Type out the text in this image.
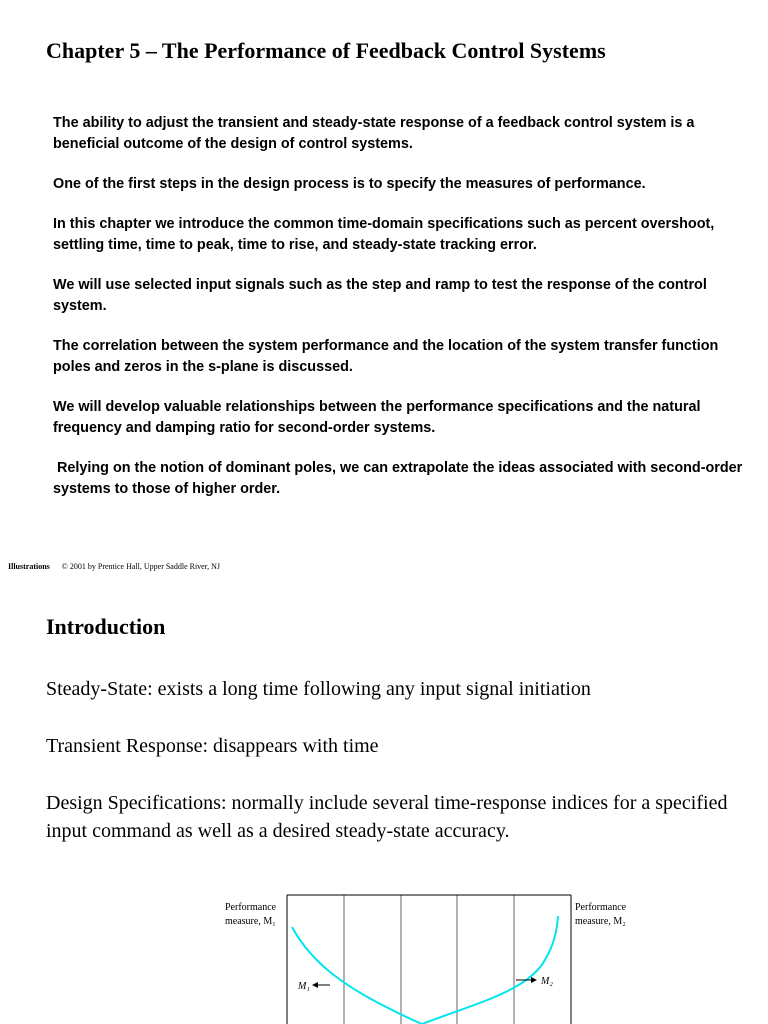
Chapter 5 – The Performance of Feedback Control Systems

The ability to adjust the transient and steady-state response of a feedback control system is a beneficial outcome of the design of control systems.

One of the first steps in the design process is to specify the measures of performance.

In this chapter we introduce the common time-domain specifications such as percent overshoot, settling time, time to peak, time to rise, and steady-state tracking error.

We will use selected input signals such as the step and ramp to test the response of the control system.

The correlation between the system performance and the location of the system transfer function poles and zeros in the s-plane is discussed.

We will develop valuable relationships between the performance specifications and the natural frequency and damping ratio for second-order systems.

Relying on the notion of dominant poles, we can extrapolate the ideas associated with second-order systems to those of higher order.

Illustrations © 2001 by Prentice Hall, Upper Saddle River, NJ
Introduction

Steady-State: exists a long time following any input signal initiation

Transient Response: disappears with time

Design Specifications: normally include several time-response indices for a specified input command as well as a desired steady-state accuracy.

Performance
measure, M₁
Performance
measure, M₂
M₁	M₂
